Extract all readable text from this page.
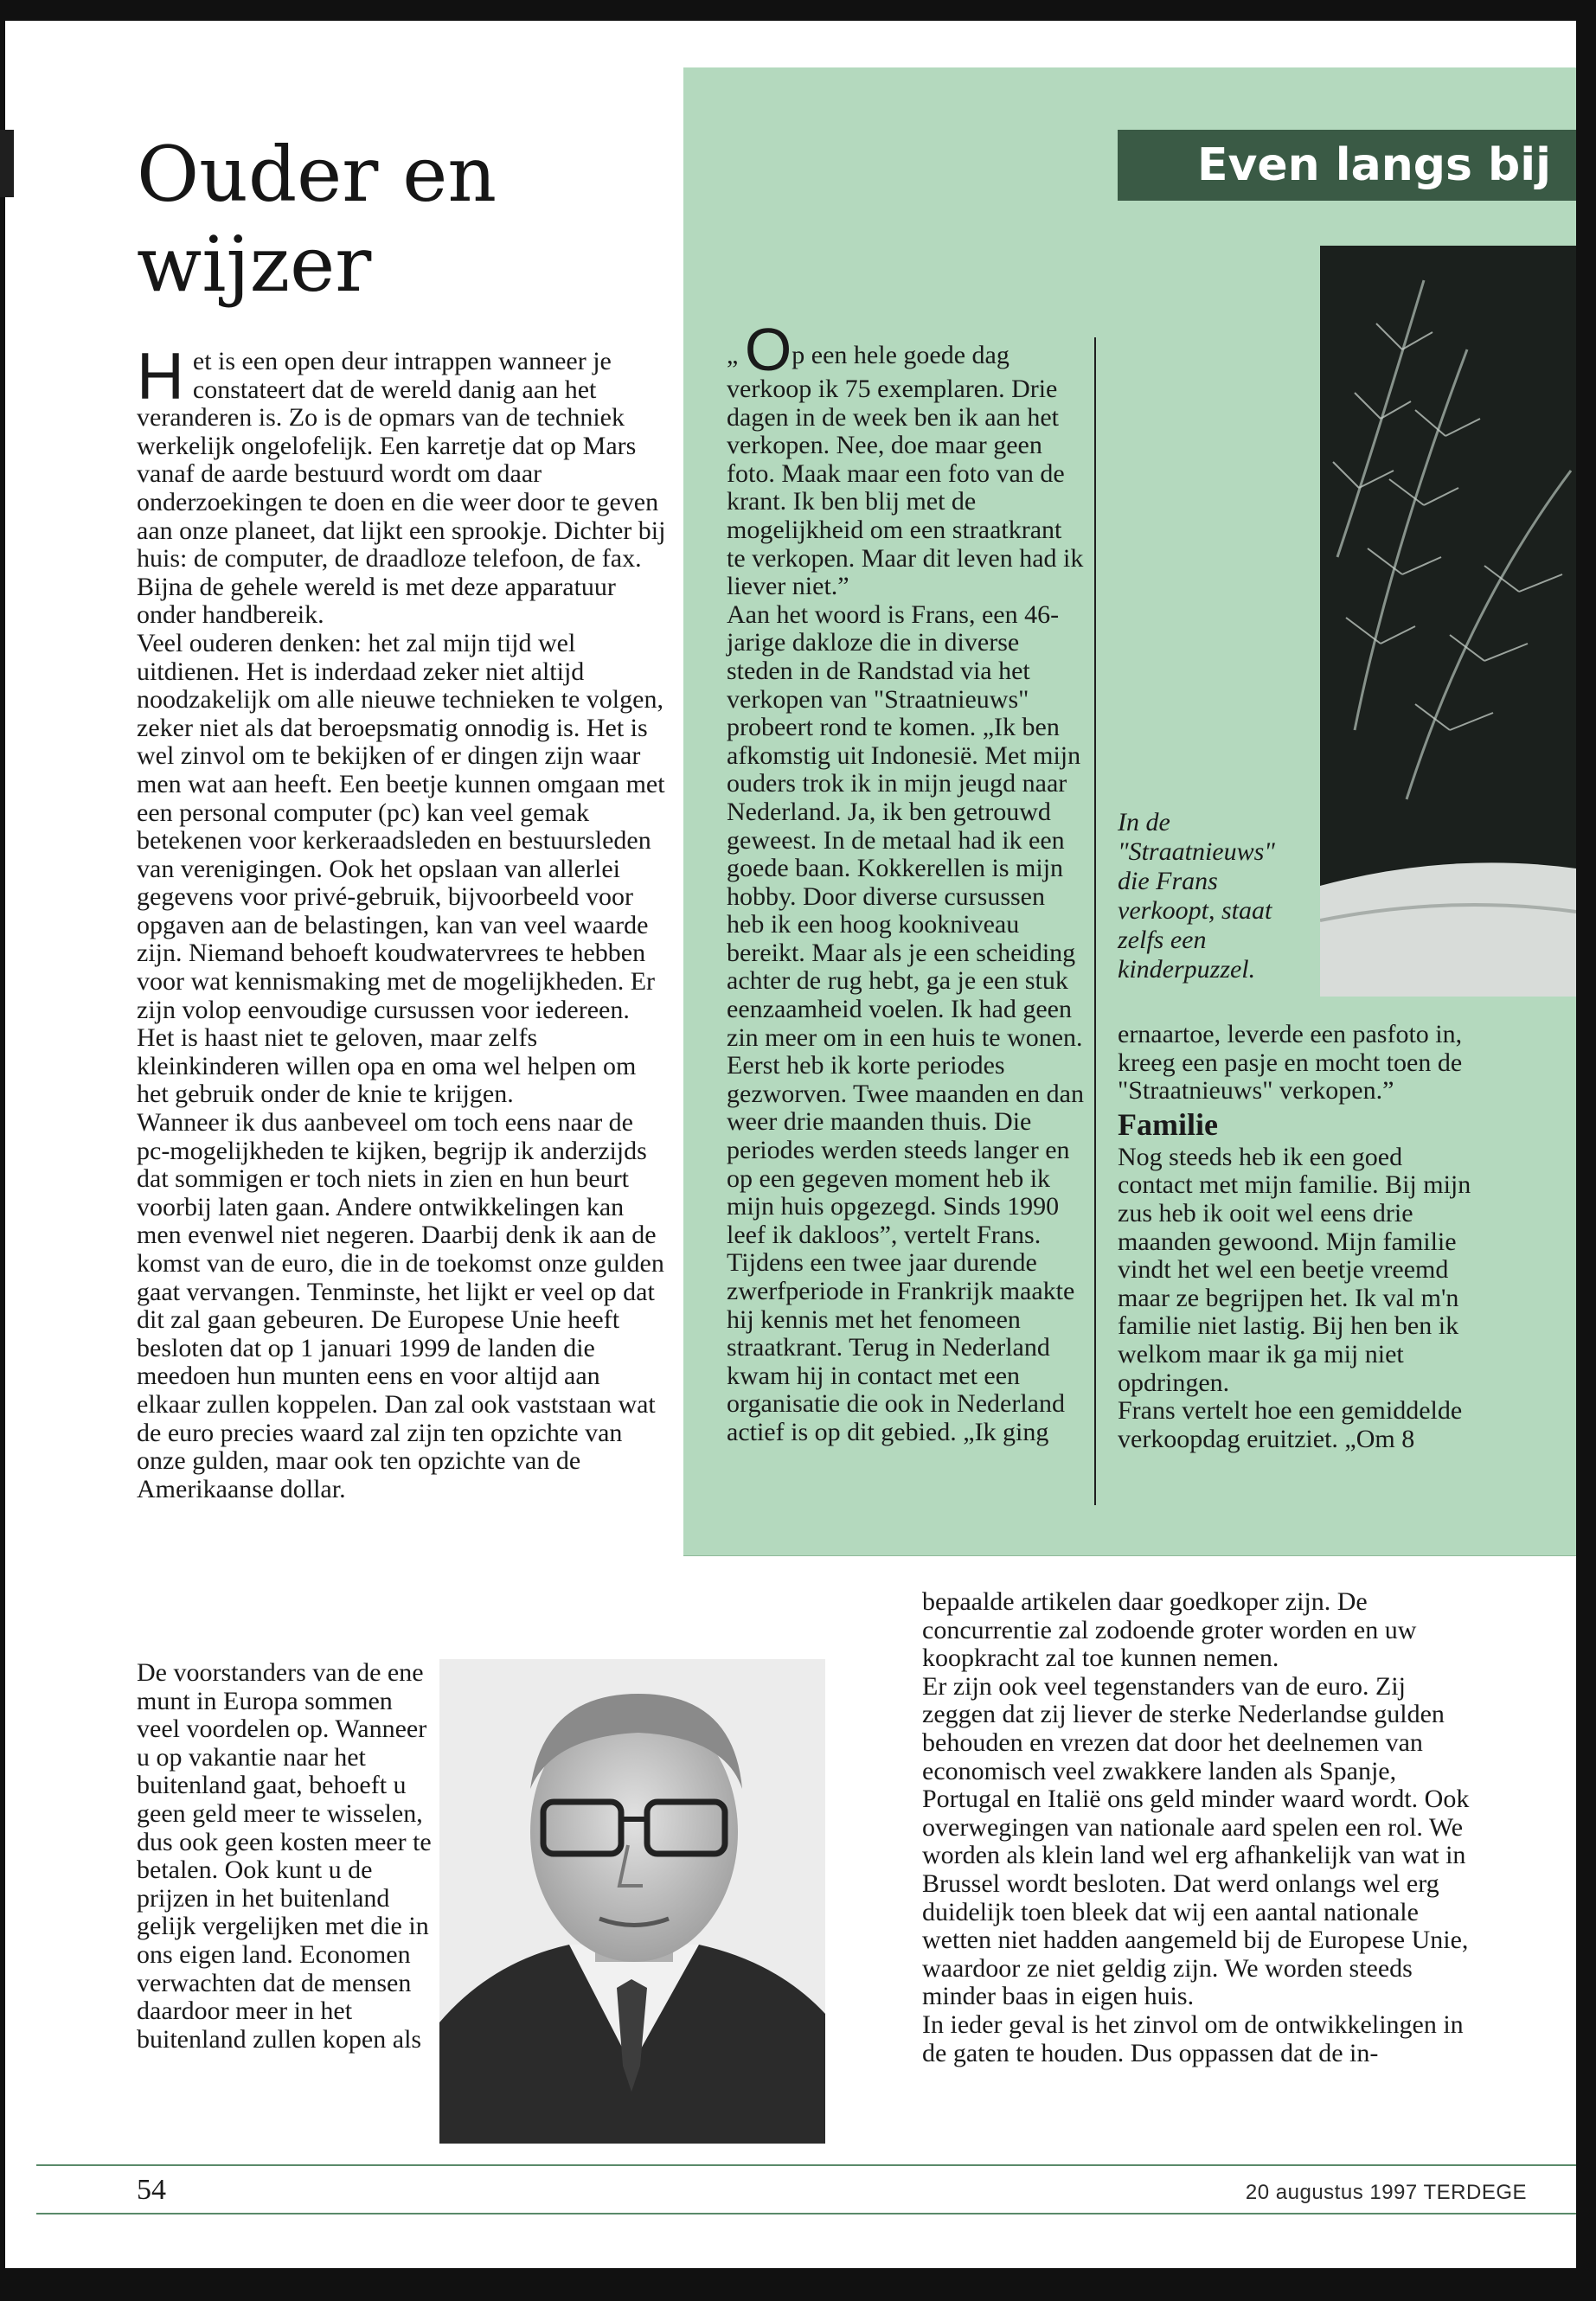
Even langs bij
Ouder en
wijzer

Het is een open deur intrappen wanneer je constateert dat de wereld danig aan het veranderen is. Zo is de opmars van de techniek werkelijk ongelofelijk. Een karretje dat op Mars vanaf de aarde bestuurd wordt om daar onderzoekingen te doen en die weer door te geven aan onze planeet, dat lijkt een sprookje. Dichter bij huis: de computer, de draadloze telefoon, de fax. Bijna de gehele wereld is met deze apparatuur onder handbereik.

Veel ouderen denken: het zal mijn tijd wel uitdienen. Het is inderdaad zeker niet altijd noodzakelijk om alle nieuwe technieken te volgen, zeker niet als dat beroepsmatig onnodig is. Het is wel zinvol om te bekijken of er dingen zijn waar men wat aan heeft. Een beetje kunnen omgaan met een personal computer (pc) kan veel gemak betekenen voor kerkeraadsleden en bestuursleden van verenigingen. Ook het opslaan van allerlei gegevens voor privé-gebruik, bijvoorbeeld voor opgaven aan de belastingen, kan van veel waarde zijn. Niemand behoeft koudwatervrees te hebben voor wat kennismaking met de mogelijkheden. Er zijn volop eenvoudige cursussen voor iedereen. Het is haast niet te geloven, maar zelfs kleinkinderen willen opa en oma wel helpen om het gebruik onder de knie te krijgen.

Wanneer ik dus aanbeveel om toch eens naar de pc-mogelijkheden te kijken, begrijp ik anderzijds dat sommigen er toch niets in zien en hun beurt voorbij laten gaan. Andere ontwikkelingen kan men evenwel niet negeren. Daarbij denk ik aan de komst van de euro, die in de toekomst onze gulden gaat vervangen. Tenminste, het lijkt er veel op dat dit zal gaan gebeuren. De Europese Unie heeft besloten dat op 1 januari 1999 de landen die meedoen hun munten eens en voor altijd aan elkaar zullen koppelen. Dan zal ook vaststaan wat de euro precies waard zal zijn ten opzichte van onze gulden, maar ook ten opzichte van de Amerikaanse dollar.

De voorstanders van de ene munt in Europa sommen veel voordelen op. Wanneer u op vakantie naar het buitenland gaat, behoeft u geen geld meer te wisselen, dus ook geen kosten meer te betalen. Ook kunt u de prijzen in het buitenland gelijk vergelijken met die in ons eigen land. Economen verwachten dat de mensen daardoor meer in het buitenland zullen kopen als

bepaalde artikelen daar goedkoper zijn. De concurrentie zal zodoende groter worden en uw koopkracht zal toe kunnen nemen.

Er zijn ook veel tegenstanders van de euro. Zij zeggen dat zij liever de sterke Nederlandse gulden behouden en vrezen dat door het deelnemen van economisch veel zwakkere landen als Spanje, Portugal en Italië ons geld minder waard wordt. Ook overwegingen van nationale aard spelen een rol. We worden als klein land wel erg afhankelijk van wat in Brussel wordt besloten. Dat werd onlangs wel erg duidelijk toen bleek dat wij een aantal nationale wetten niet hadden aangemeld bij de Europese Unie, waardoor ze niet geldig zijn. We worden steeds minder baas in eigen huis.

In ieder geval is het zinvol om de ontwikkelingen in de gaten te houden. Dus oppassen dat de in-

„ Op een hele goede dag verkoop ik 75 exemplaren. Drie dagen in de week ben ik aan het verkopen. Nee, doe maar geen foto. Maak maar een foto van de krant. Ik ben blij met de mogelijkheid om een straatkrant te verkopen. Maar dit leven had ik liever niet.”

Aan het woord is Frans, een 46-jarige dakloze die in diverse steden in de Randstad via het verkopen van "Straatnieuws" probeert rond te komen. „Ik ben afkomstig uit Indonesië. Met mijn ouders trok ik in mijn jeugd naar Nederland. Ja, ik ben getrouwd geweest. In de metaal had ik een goede baan. Kokkerellen is mijn hobby. Door diverse cursussen heb ik een hoog kookniveau bereikt. Maar als je een scheiding achter de rug hebt, ga je een stuk eenzaamheid voelen. Ik had geen zin meer om in een huis te wonen. Eerst heb ik korte periodes gezworven. Twee maanden en dan weer drie maanden thuis. Die periodes werden steeds langer en op een gegeven moment heb ik mijn huis opgezegd. Sinds 1990 leef ik dakloos”, vertelt Frans.

Tijdens een twee jaar durende zwerfperiode in Frankrijk maakte hij kennis met het fenomeen straatkrant. Terug in Nederland kwam hij in contact met een organisatie die ook in Nederland actief is op dit gebied. „Ik ging

In de "Straatnieuws" die Frans verkoopt, staat zelfs een kinderpuzzel.

ernaartoe, leverde een pasfoto in, kreeg een pasje en mocht toen de "Straatnieuws" verkopen.”

Familie

Nog steeds heb ik een goed contact met mijn familie. Bij mijn zus heb ik ooit wel eens drie maanden gewoond. Mijn familie vindt het wel een beetje vreemd maar ze begrijpen het. Ik val m'n familie niet lastig. Bij hen ben ik welkom maar ik ga mij niet opdringen.

Frans vertelt hoe een gemiddelde verkoopdag eruitziet. „Om 8

54	20 augustus 1997 TERDEGE
